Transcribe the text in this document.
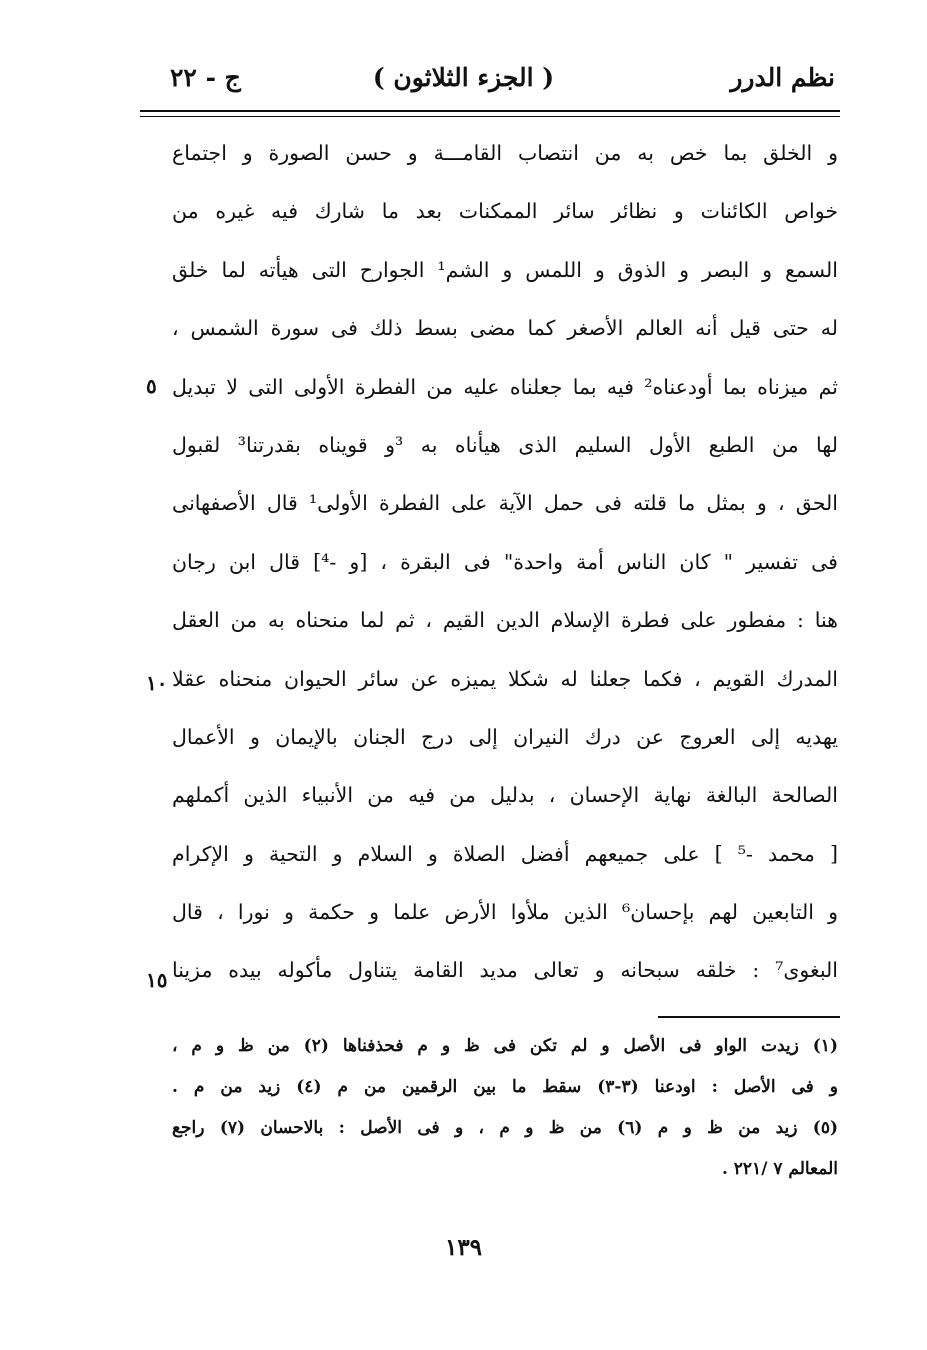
( الجزء الثلاثون )
ج - ٢٢	نظم الدرر
و الخلق بما خص به من انتصاب القامـــة و حسن الصورة و اجتماع
خواص الكائنات و نظائر سائر الممكنات بعد ما شارك فيه غيره من
السمع و البصر و الذوق و اللمس و الشم¹ الجوارح التى هيأته لما خلق
له حتى قيل أنه العالم الأصغر كما مضى بسط ذلك فى سورة الشمس ،
ثم ميزناه بما أودعناه² فيه بما جعلناه عليه من الفطرة الأولى التى لا تبديل
لها من الطبع الأول السليم الذى هيأناه به ³و قويناه بقدرتنا³ لقبول
الحق ، و بمثل ما قلته فى حمل الآية على الفطرة الأولى¹ قال الأصفهانى
فى تفسير " كان الناس أمة واحدة" فى البقرة ، [و -⁴] قال ابن رجان
هنا : مفطور على فطرة الإسلام الدين القيم ، ثم لما منحناه به من العقل
المدرك القويم ، فكما جعلنا له شكلا يميزه عن سائر الحيوان منحناه عقلا
يهديه إلى العروج عن درك النيران إلى درج الجنان بالإيمان و الأعمال
الصالحة البالغة نهاية الإحسان ، بدليل من فيه من الأنبياء الذين أكملهم
[ محمد -⁵ ] على جميعهم أفضل الصلاة و السلام و التحية و الإكرام
و التابعين لهم بإحسان⁶ الذين ملأوا الأرض علما و حكمة و نورا ، قال
البغوى⁷ : خلقه سبحانه و تعالى مديد القامة يتناول مأكوله بيده مزينا
٥
١٠
١٥
(١) زيدت الواو فى الأصل و لم تكن فى ظ و م فحذفناها (٢) من ظ و م ،
و فى الأصل : اودعنا (٣-٣) سقط ما بين الرقمين من م (٤) زيد من م .
(٥) زيد من ظ و م (٦) من ظ و م ، و فى الأصل : بالاحسان (٧) راجع
المعالم ٧ /٢٢١ .
١٣٩
